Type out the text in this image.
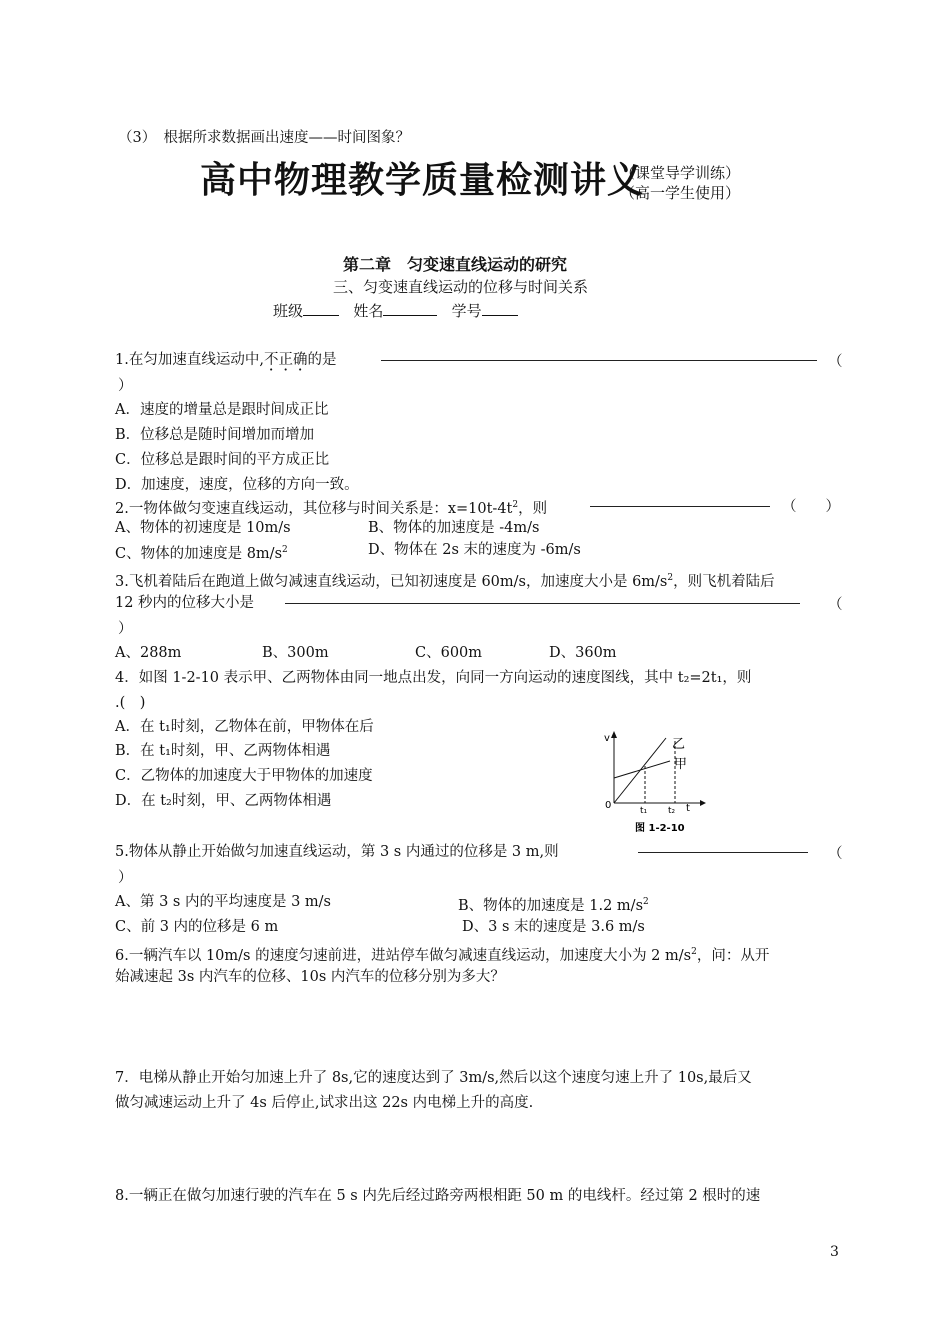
（3）　根据所求数据画出速度——时间图象？
高中物理教学质量检测讲义
（课堂导学训练）
（高一学生使用）
第二章　匀变速直线运动的研究
三、匀变速直线运动的位移与时间关系
班级	姓名	学号
1.在匀加速直线运动中,不正确的是	（
）
A．速度的增量总是跟时间成正比
B．位移总是随时间增加而增加
C．位移总是跟时间的平方成正比
D．加速度，速度，位移的方向一致。
2.一物体做匀变速直线运动，其位移与时间关系是：$x=10t-4t^2$，则	（　　）
A、物体的初速度是 10m/s	B、物体的加速度是 -4m/s
C、物体的加速度是 $8m/s^2$	D、物体在 2s 末的速度为 -6m/s
3.飞机着陆后在跑道上做匀减速直线运动，已知初速度是 60m/s，加速度大小是 $6m/s^2$，则飞机着陆后
12 秒内的位移大小是	（
）
A、288m	B、300m	C、600m	D、360m
4．如图 1-2-10 表示甲、乙两物体由同一地点出发，向同一方向运动的速度图线，其中 t₂=2t₁，则
.(　)
A．在 t₁时刻，乙物体在前，甲物体在后
B．在 t₁时刻，甲、乙两物体相遇
C．乙物体的加速度大于甲物体的加速度
D．在 t₂时刻，甲、乙两物体相遇
v
0	t
t₁ t₂
乙
甲
图 1-2-10
5.物体从静止开始做匀加速直线运动，第 3 s 内通过的位移是 3 m,则	（
）
A、第 3 s 内的平均速度是 3 m/s	B、物体的加速度是 1.2 $m/s^2$
C、前 3 内的位移是 6 m	D、3 s 末的速度是 3.6 m/s
6.一辆汽车以 10m/s 的速度匀速前进，进站停车做匀减速直线运动，加速度大小为 2 $m/s^2$，问：从开
始减速起 3s 内汽车的位移、10s 内汽车的位移分别为多大？
7．电梯从静止开始匀加速上升了 8s,它的速度达到了 3m/s,然后以这个速度匀速上升了 10s,最后又
做匀减速运动上升了 4s 后停止,试求出这 22s 内电梯上升的高度.
8.一辆正在做匀加速行驶的汽车在 5 s 内先后经过路旁两根相距 50 m 的电线杆。经过第 2 根时的速
3
